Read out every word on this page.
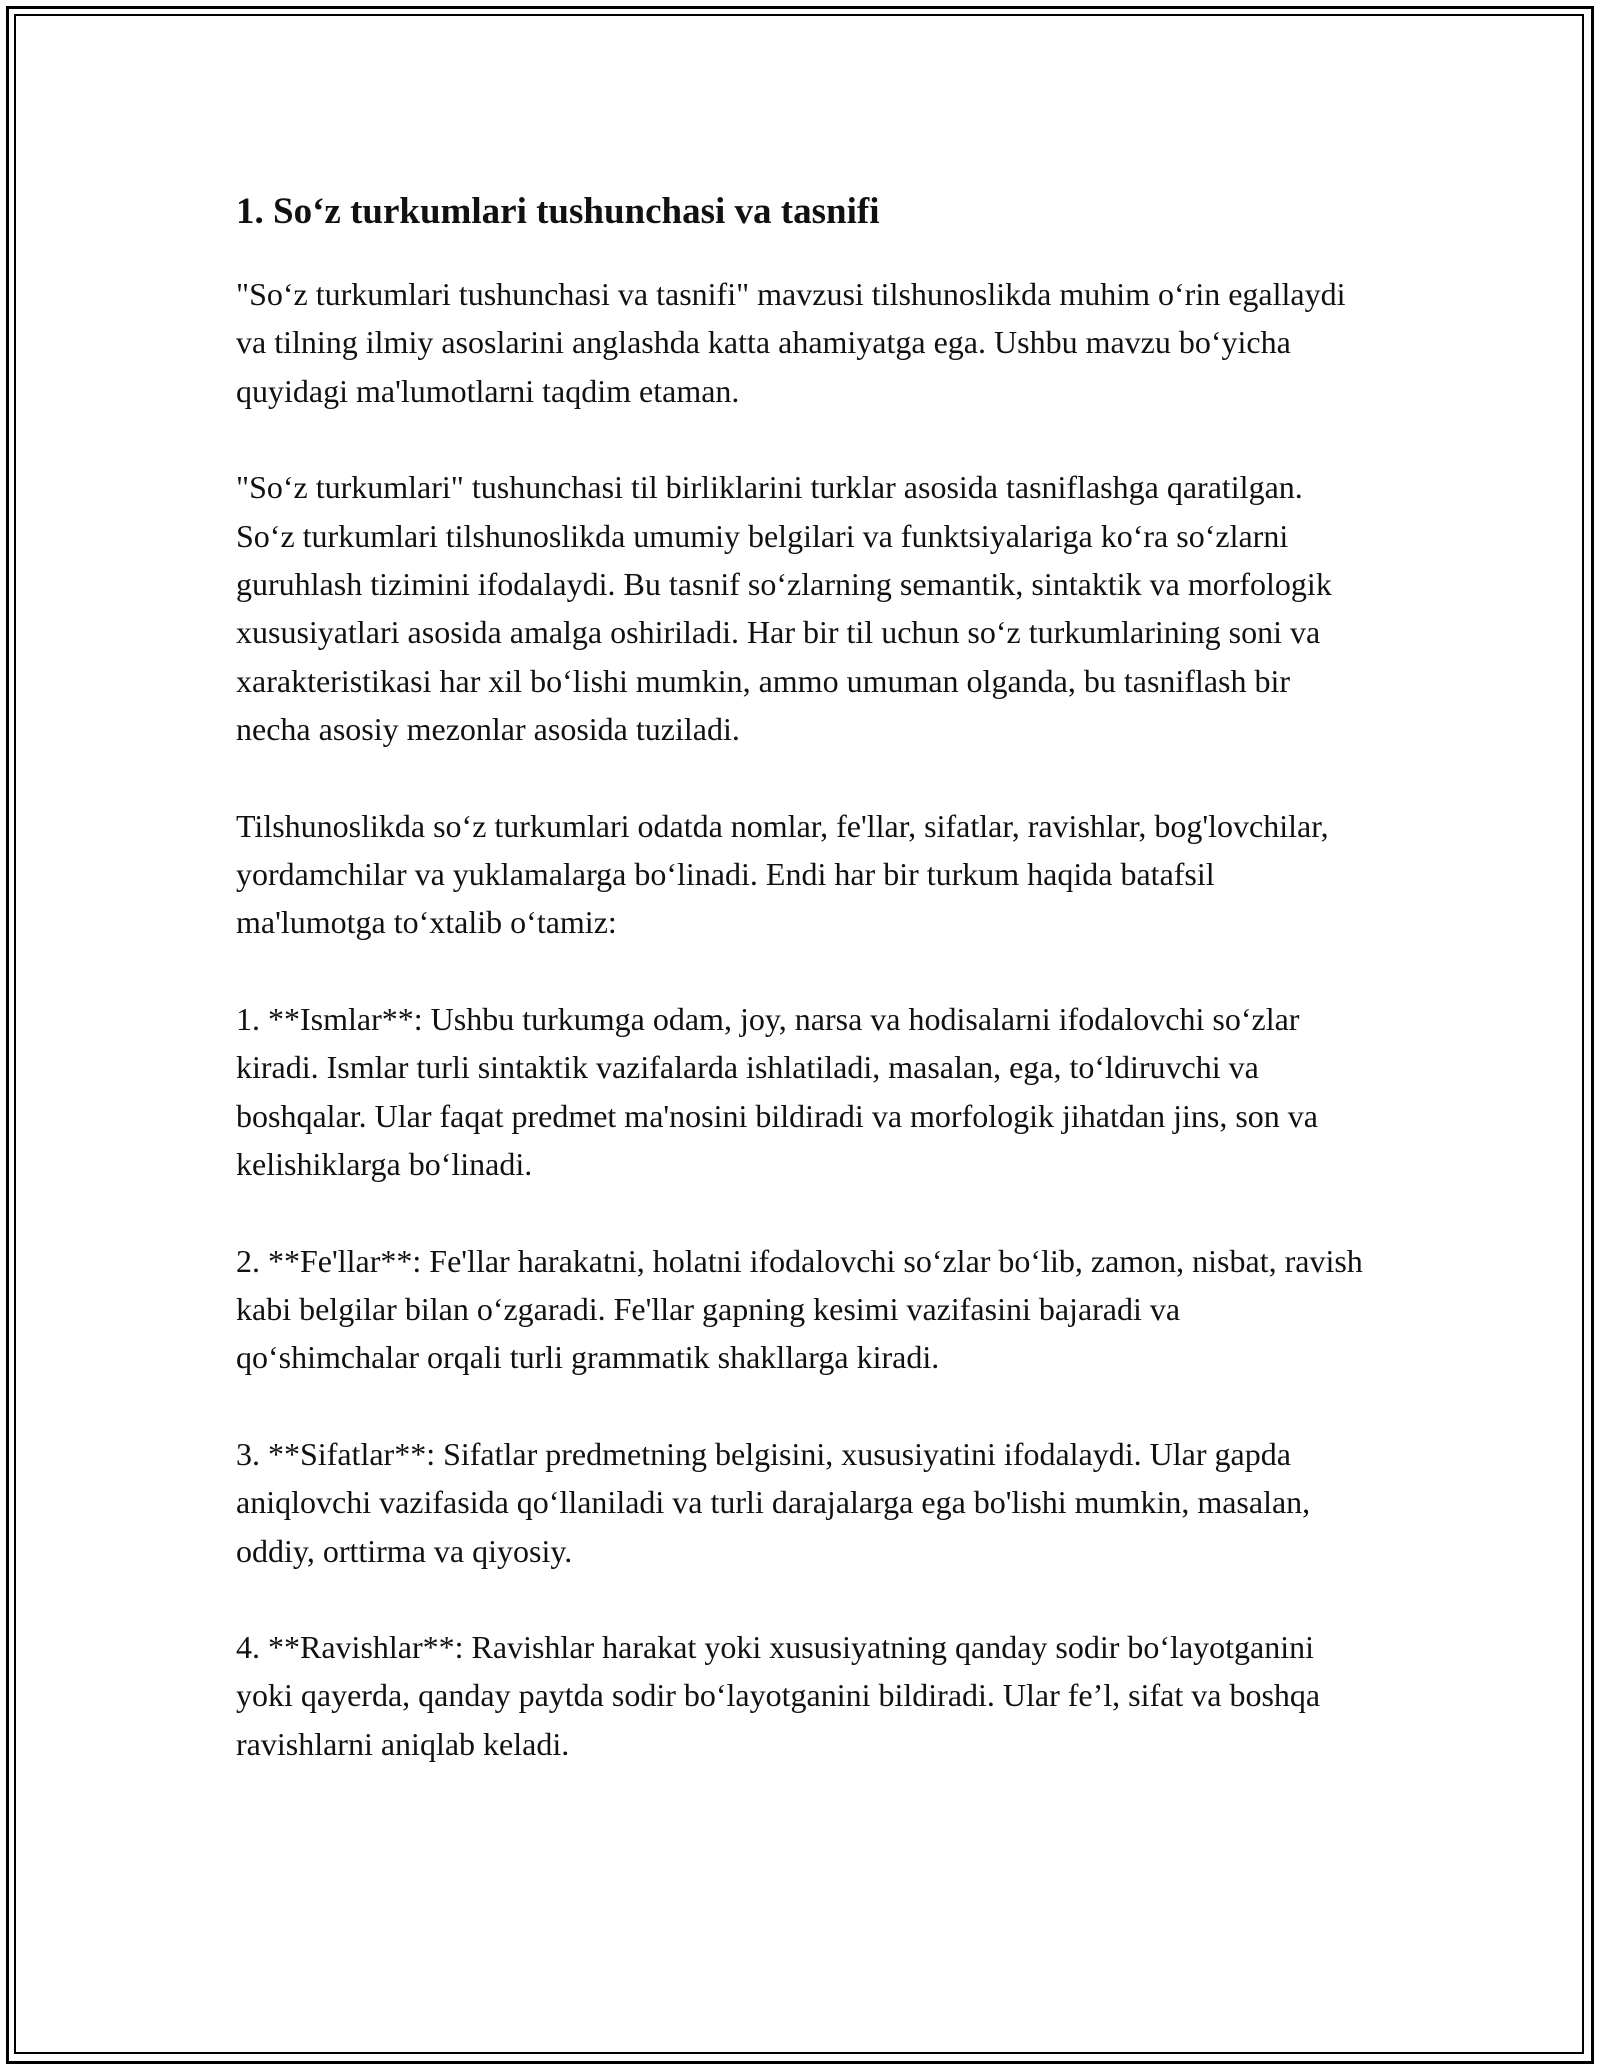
1. So‘z turkumlari tushunchasi va tasnifi

"So‘z turkumlari tushunchasi va tasnifi" mavzusi tilshunoslikda muhim o‘rin egallaydi va tilning ilmiy asoslarini anglashda katta ahamiyatga ega. Ushbu mavzu bo‘yicha quyidagi ma'lumotlarni taqdim etaman.

"So‘z turkumlari" tushunchasi til birliklarini turklar asosida tasniflashga qaratilgan. So‘z turkumlari tilshunoslikda umumiy belgilari va funktsiyalariga ko‘ra so‘zlarni guruhlash tizimini ifodalaydi. Bu tasnif so‘zlarning semantik, sintaktik va morfologik xususiyatlari asosida amalga oshiriladi. Har bir til uchun so‘z turkumlarining soni va xarakteristikasi har xil bo‘lishi mumkin, ammo umuman olganda, bu tasniflash bir necha asosiy mezonlar asosida tuziladi.

Tilshunoslikda so‘z turkumlari odatda nomlar, fe'llar, sifatlar, ravishlar, bog'lovchilar, yordamchilar va yuklamalarga bo‘linadi. Endi har bir turkum haqida batafsil ma'lumotga to‘xtalib o‘tamiz:

1. **Ismlar**: Ushbu turkumga odam, joy, narsa va hodisalarni ifodalovchi so‘zlar kiradi. Ismlar turli sintaktik vazifalarda ishlatiladi, masalan, ega, to‘ldiruvchi va boshqalar. Ular faqat predmet ma'nosini bildiradi va morfologik jihatdan jins, son va kelishiklarga bo‘linadi.

2. **Fe'llar**: Fe'llar harakatni, holatni ifodalovchi so‘zlar bo‘lib, zamon, nisbat, ravish kabi belgilar bilan o‘zgaradi. Fe'llar gapning kesimi vazifasini bajaradi va qo‘shimchalar orqali turli grammatik shakllarga kiradi.

3. **Sifatlar**: Sifatlar predmetning belgisini, xususiyatini ifodalaydi. Ular gapda aniqlovchi vazifasida qo‘llaniladi va turli darajalarga ega bo'lishi mumkin, masalan, oddiy, orttirma va qiyosiy.

4. **Ravishlar**: Ravishlar harakat yoki xususiyatning qanday sodir bo‘layotganini yoki qayerda, qanday paytda sodir bo‘layotganini bildiradi. Ular fe’l, sifat va boshqa ravishlarni aniqlab keladi.
